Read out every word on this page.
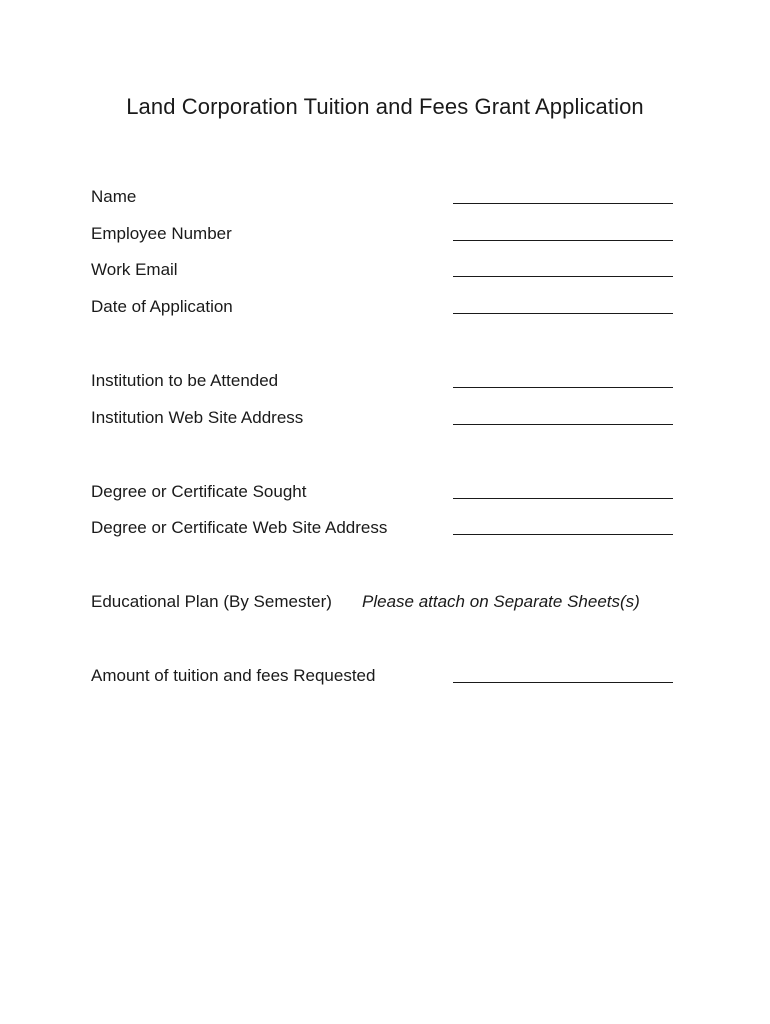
Land Corporation Tuition and Fees Grant Application
Name
Employee Number
Work Email
Date of Application
Institution to be Attended
Institution Web Site Address
Degree or Certificate Sought
Degree or Certificate Web Site Address
Educational Plan (By Semester) Please attach on Separate Sheets(s)
Amount of tuition and fees Requested
